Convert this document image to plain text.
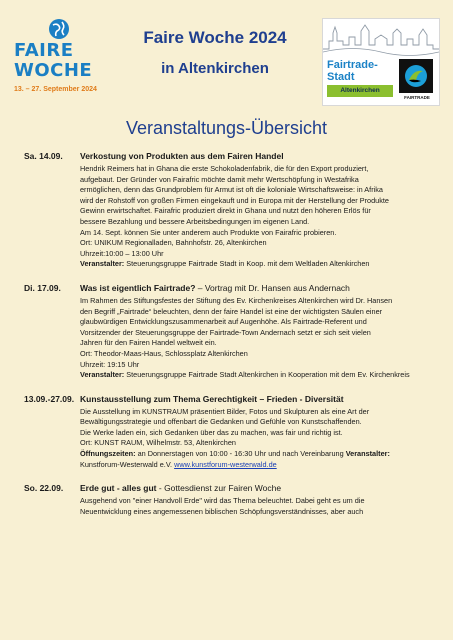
FAIRE
WOCHE
13. – 27. September 2024
Faire Woche 2024
in Altenkirchen	Fairtrade-
Stadt
Altenkirchen
FAIRTRADE
Veranstaltungs-Übersicht
Sa. 14.09.	Verkostung von Produkten aus dem Fairen Handel

Hendrik Reimers hat in Ghana die erste Schokoladenfabrik, die für den Export produziert,

aufgebaut. Der Gründer von Fairafric möchte damit mehr Wertschöpfung in Westafrika

ermöglichen, denn das Grundproblem für Armut ist oft die koloniale Wirtschaftsweise: in Afrika

wird der Rohstoff von großen Firmen eingekauft und in Europa mit der Herstellung der Produkte

Gewinn erwirtschaftet. Fairafric produziert direkt in Ghana und nutzt den höheren Erlös für

bessere Bezahlung und bessere Arbeitsbedingungen im eigenen Land.

Am 14. Sept. können Sie unter anderem auch Produkte von Fairafric probieren.

Ort: UNIKUM Regionalladen, Bahnhofstr. 26, Altenkirchen

Uhrzeit:10:00 – 13:00 Uhr

Veranstalter: Steuerungsgruppe Fairtrade Stadt in Koop. mit dem Weltladen Altenkirchen

Di. 17.09.	Was ist eigentlich Fairtrade? – Vortrag mit Dr. Hansen aus Andernach

Im Rahmen des Stiftungsfestes der Stiftung des Ev. Kirchenkreises Altenkirchen wird Dr. Hansen

den Begriff „Fairtrade“ beleuchten, denn der faire Handel ist eine der wichtigsten Säulen einer

glaubwürdigen Entwicklungszusammenarbeit auf Augenhöhe. Als Fairtrade-Referent und

Vorsitzender der Steuerungsgruppe der Fairtrade-Town Andernach setzt er sich seit vielen

Jahren für den Fairen Handel weltweit ein.

Ort: Theodor-Maas-Haus, Schlossplatz Altenkirchen

Uhrzeit: 19:15 Uhr

Veranstalter: Steuerungsgruppe Fairtrade Stadt Altenkirchen in Kooperation mit dem Ev. Kirchenkreis

13.09.-27.09. Kunstausstellung zum Thema Gerechtigkeit – Frieden - Diversität

Die Ausstellung im KUNSTRAUM präsentiert Bilder, Fotos und Skulpturen als eine Art der

Bewältigungsstrategie und offenbart die Gedanken und Gefühle von Kunstschaffenden.

Die Werke laden ein, sich Gedanken über das zu machen, was fair und richtig ist.

Ort: KUNST RAUM, Wilhelmstr. 53, Altenkirchen

Öffnungszeiten: an Donnerstagen von 10:00 - 16:30 Uhr und nach Vereinbarung Veranstalter:

Kunstforum-Westerwald e.V. www.kunstforum-westerwald.de

So. 22.09.	Erde gut - alles gut - Gottesdienst zur Fairen Woche

Ausgehend von "einer Handvoll Erde" wird das Thema beleuchtet. Dabei geht es um die

Neuentwicklung eines angemessenen biblischen Schöpfungsverständnisses, aber auch
